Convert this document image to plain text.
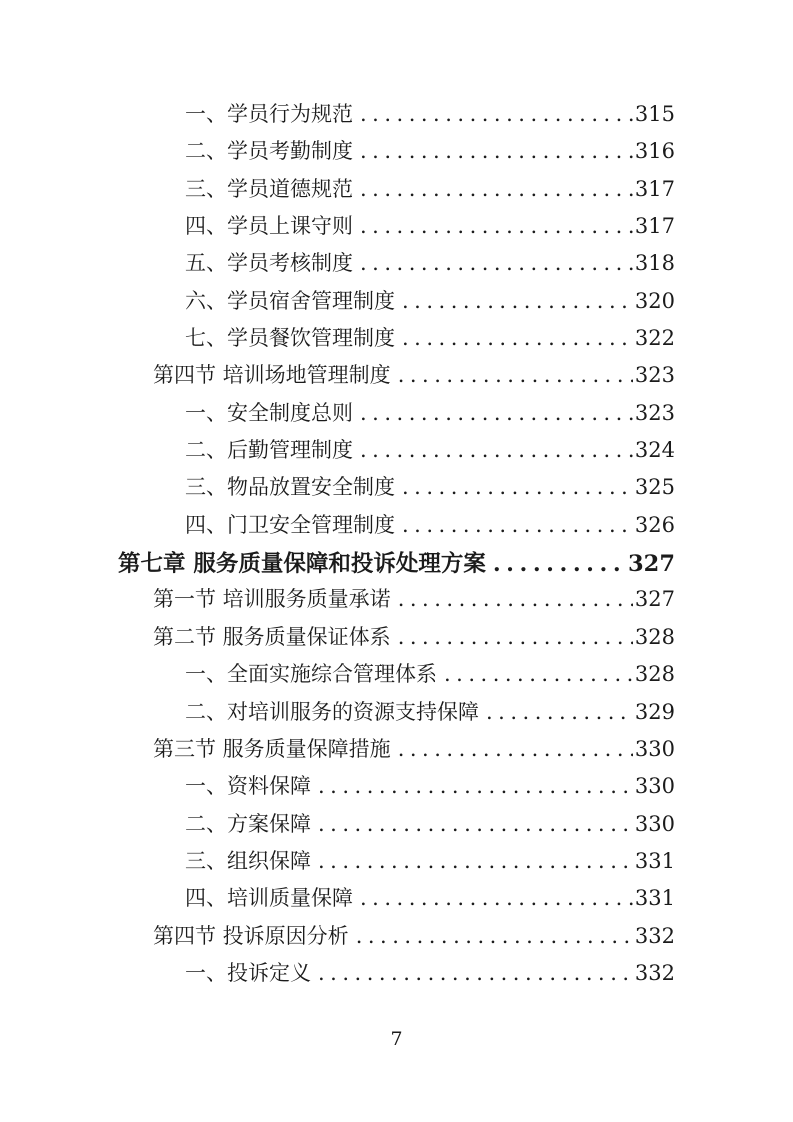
一、学员行为规范 .....	315
二、学员考勤制度 .....	316
三、学员道德规范 .....	317
四、学员上课守则 .....	317
五、学员考核制度 .....	318
六、学员宿舍管理制度 .....	320
七、学员餐饮管理制度 .....	322
第四节 培训场地管理制度 .....	323
一、安全制度总则 .....	323
二、后勤管理制度 .....	324
三、物品放置安全制度 .....	325
四、门卫安全管理制度 .....	326
第七章 服务质量保障和投诉处理方案 .....	327
第一节 培训服务质量承诺 .....	327
第二节 服务质量保证体系 .....	328
一、全面实施综合管理体系 .....	328
二、对培训服务的资源支持保障 .....	329
第三节 服务质量保障措施 .....	330
一、资料保障 .....	330
二、方案保障 .....	330
三、组织保障 .....	331
四、培训质量保障 .....	331
第四节 投诉原因分析 .....	332
一、投诉定义 .....	332
7
